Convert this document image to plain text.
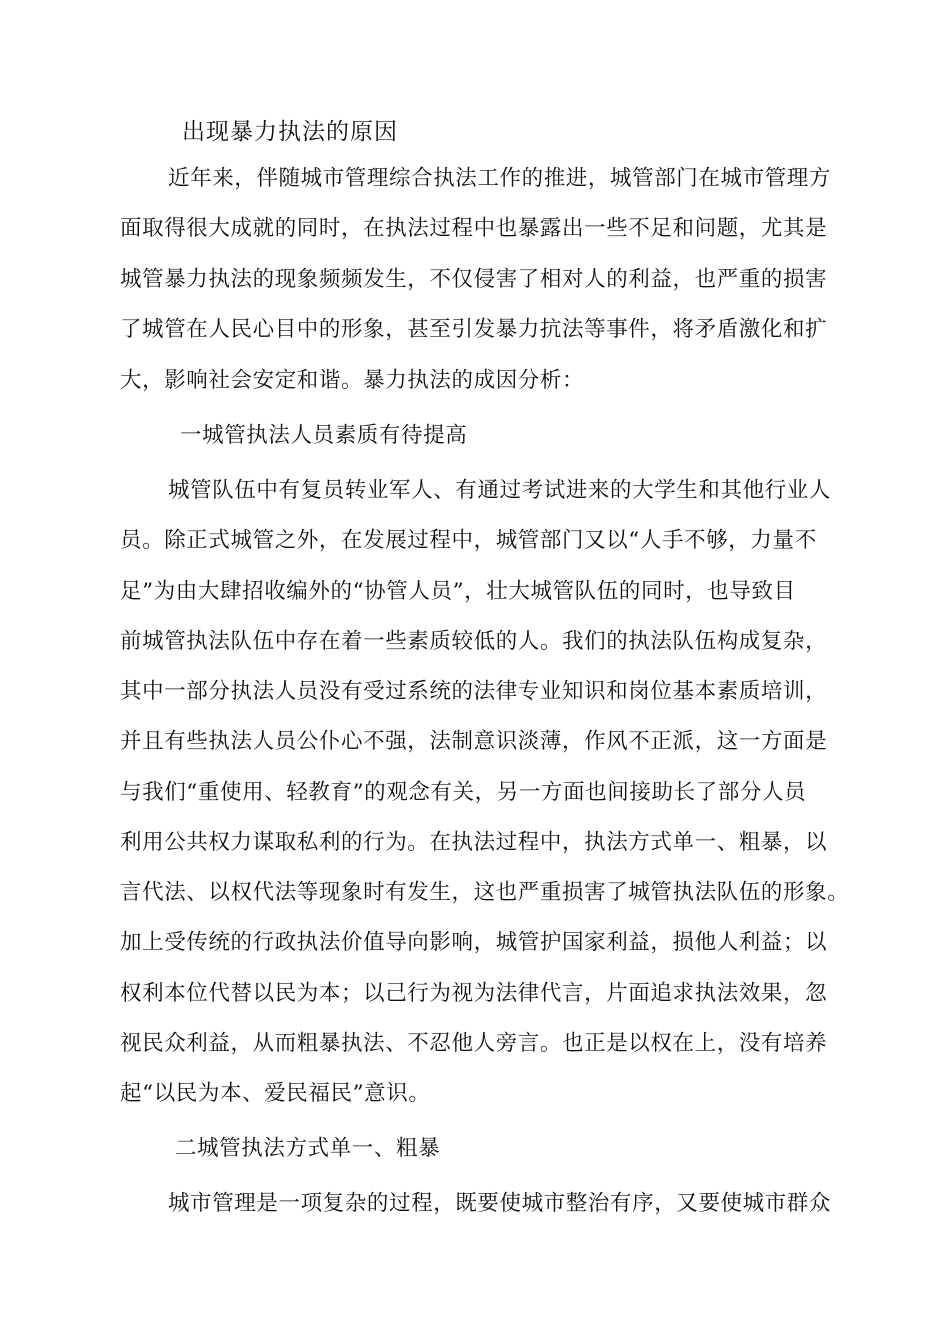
出现暴力执法的原因
近年来，伴随城市管理综合执法工作的推进，城管部门在城市管理方
面取得很大成就的同时，在执法过程中也暴露出一些不足和问题，尤其是
城管暴力执法的现象频频发生，不仅侵害了相对人的利益，也严重的损害
了城管在人民心目中的形象，甚至引发暴力抗法等事件，将矛盾激化和扩
大，影响社会安定和谐。暴力执法的成因分析：
一城管执法人员素质有待提高
城管队伍中有复员转业军人、有通过考试进来的大学生和其他行业人
员。除正式城管之外，在发展过程中，城管部门又以“人手不够，力量不
足”为由大肆招收编外的“协管人员”，壮大城管队伍的同时，也导致目
前城管执法队伍中存在着一些素质较低的人。我们的执法队伍构成复杂，
其中一部分执法人员没有受过系统的法律专业知识和岗位基本素质培训，
并且有些执法人员公仆心不强，法制意识淡薄，作风不正派，这一方面是
与我们“重使用、轻教育”的观念有关，另一方面也间接助长了部分人员
利用公共权力谋取私利的行为。在执法过程中，执法方式单一、粗暴，以
言代法、以权代法等现象时有发生，这也严重损害了城管执法队伍的形象。
加上受传统的行政执法价值导向影响，城管护国家利益，损他人利益；以
权利本位代替以民为本；以己行为视为法律代言，片面追求执法效果，忽
视民众利益，从而粗暴执法、不忍他人旁言。也正是以权在上，没有培养
起“以民为本、爱民福民”意识。
二城管执法方式单一、粗暴
城市管理是一项复杂的过程，既要使城市整治有序，又要使城市群众
